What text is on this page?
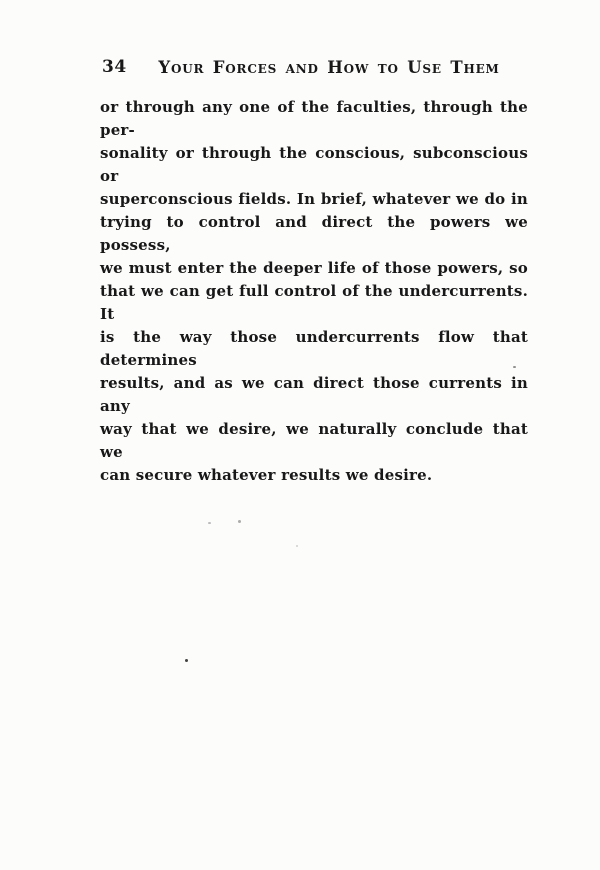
34	Your Forces and How to Use Them
or through any one of the faculties, through the per-
sonality or through the conscious, subconscious or
superconscious fields. In brief, whatever we do in
trying to control and direct the powers we possess,
we must enter the deeper life of those powers, so
that we can get full control of the undercurrents. It
is the way those undercurrents flow that determines
results, and as we can direct those currents in any
way that we desire, we naturally conclude that we
can secure whatever results we desire.
